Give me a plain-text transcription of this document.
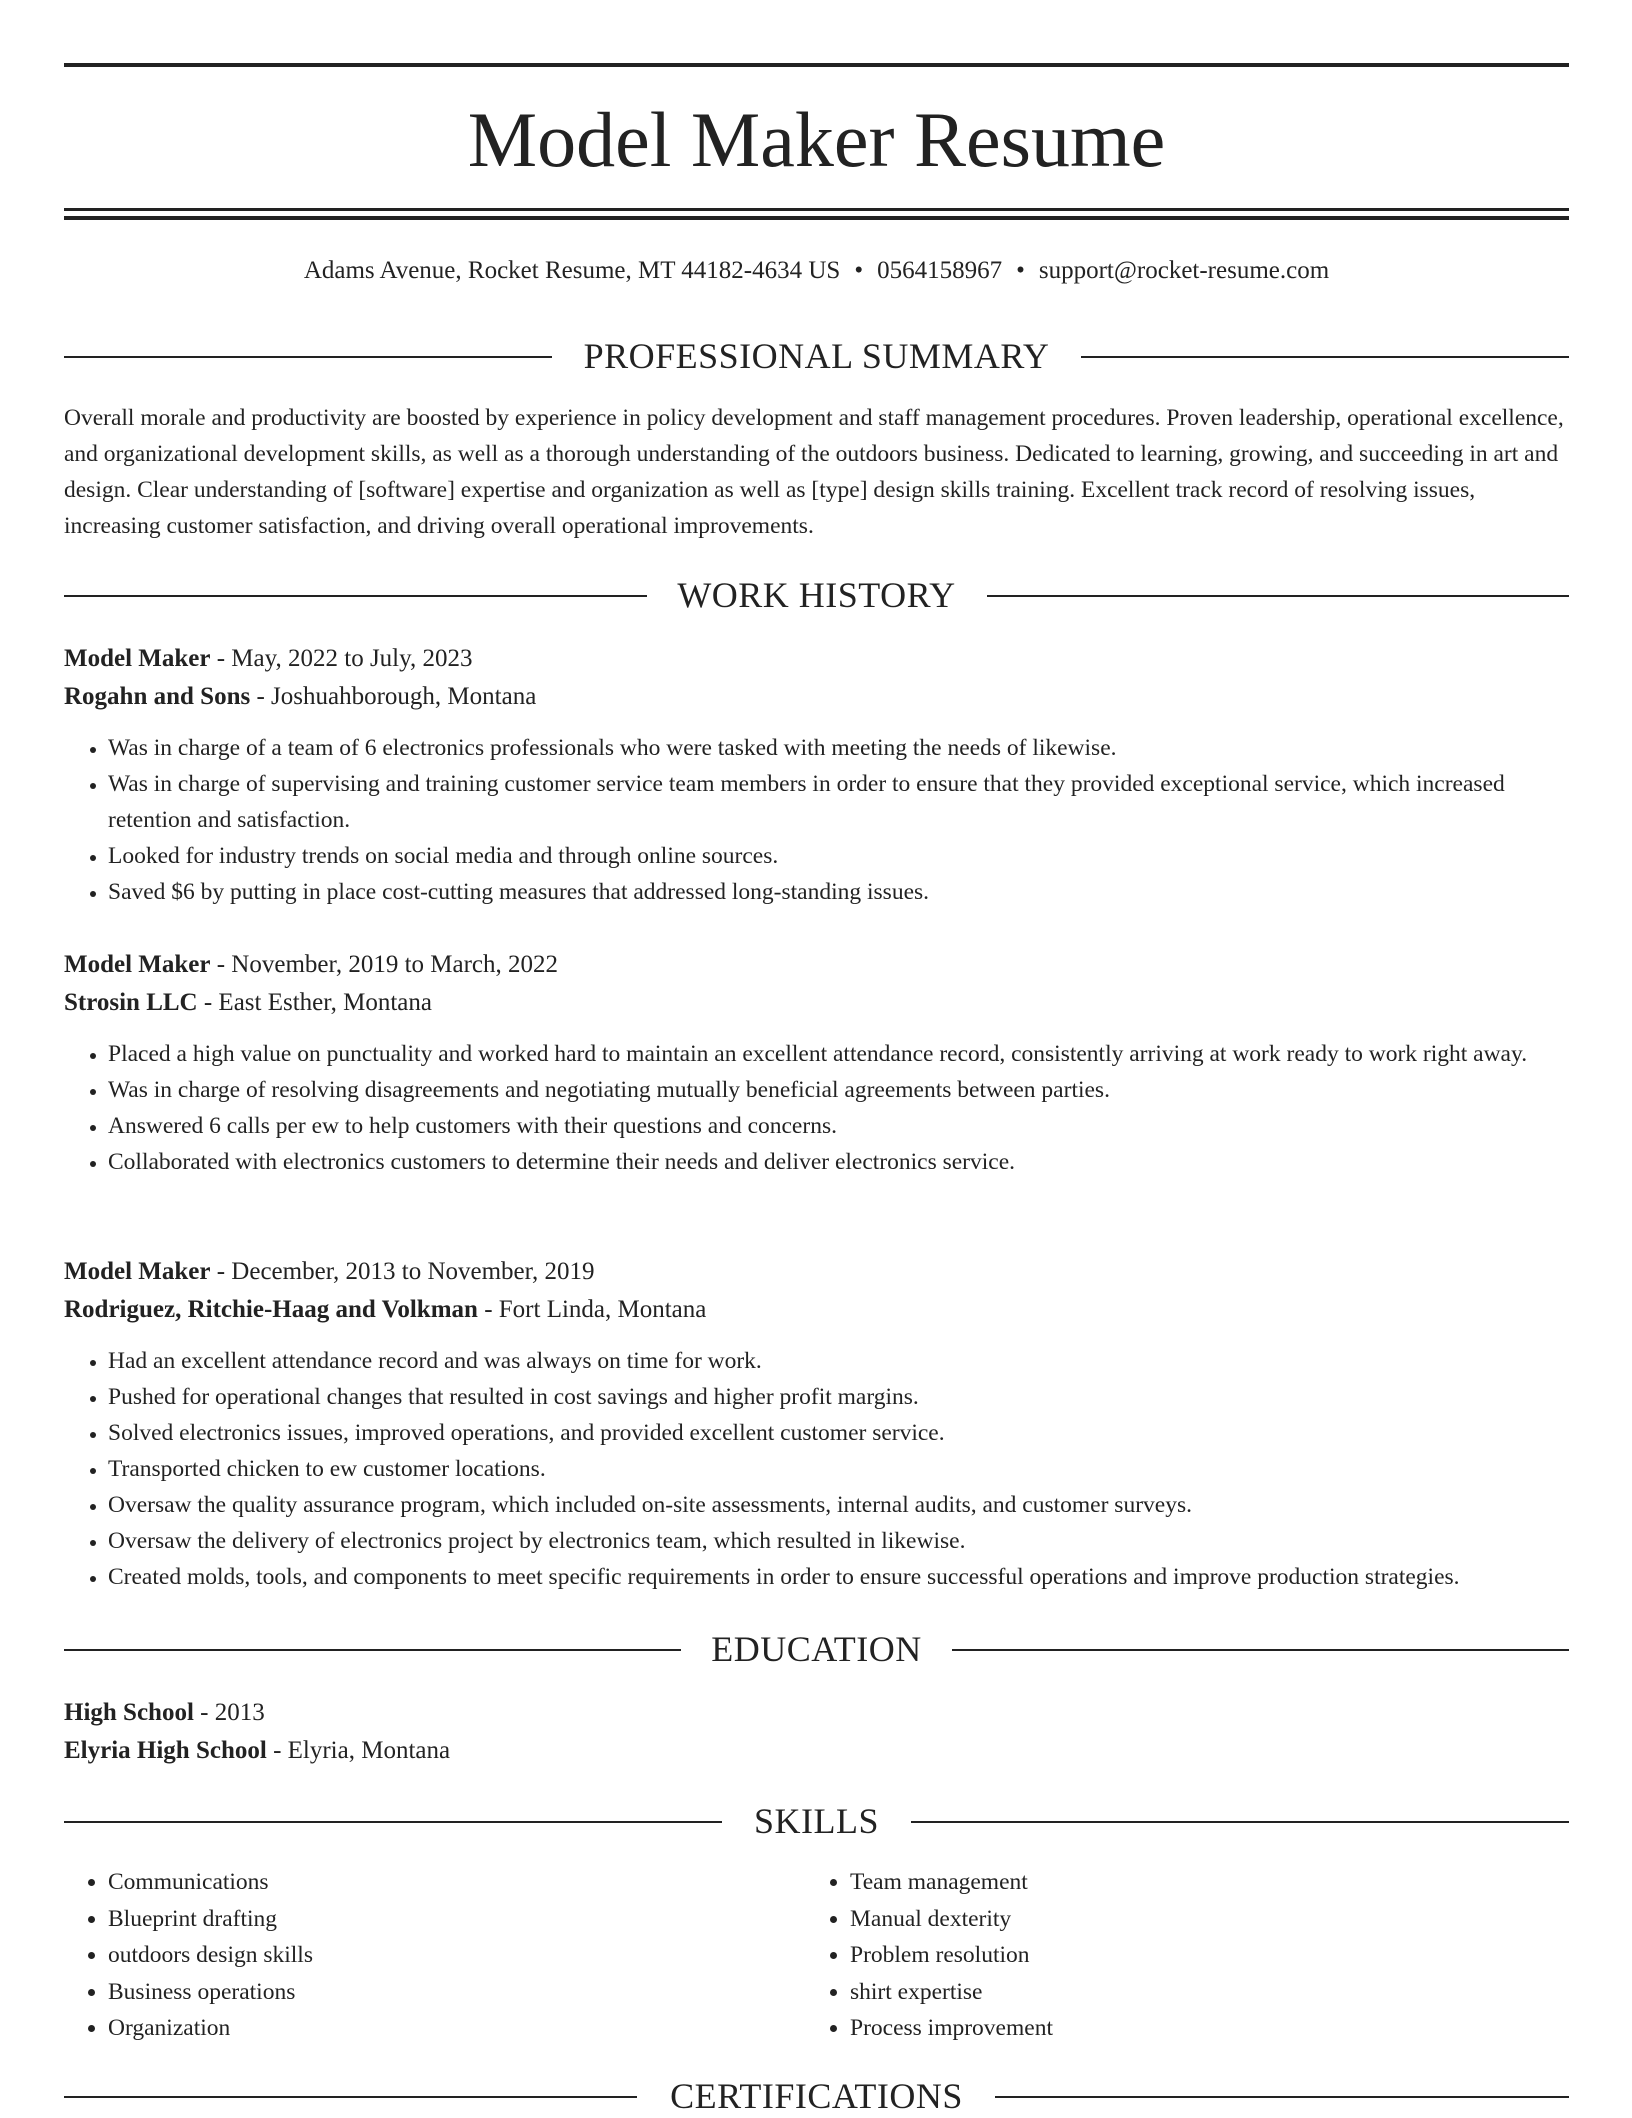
Model Maker Resume
Adams Avenue, Rocket Resume, MT 44182-4634 US • 0564158967 • support@rocket-resume.com
PROFESSIONAL SUMMARY

Overall morale and productivity are boosted by experience in policy development and staff management procedures. Proven leadership, operational excellence, and organizational development skills, as well as a thorough understanding of the outdoors business. Dedicated to learning, growing, and succeeding in art and design. Clear understanding of [software] expertise and organization as well as [type] design skills training. Excellent track record of resolving issues, increasing customer satisfaction, and driving overall operational improvements.

WORK HISTORY

Model Maker - May, 2022 to July, 2023

Rogahn and Sons - Joshuahborough, Montana

• Was in charge of a team of 6 electronics professionals who were tasked with meeting the needs of likewise.
• Was in charge of supervising and training customer service team members in order to ensure that they provided exceptional service, which increased retention and satisfaction.
• Looked for industry trends on social media and through online sources.
• Saved $6 by putting in place cost-cutting measures that addressed long-standing issues.

Model Maker - November, 2019 to March, 2022

Strosin LLC - East Esther, Montana

• Placed a high value on punctuality and worked hard to maintain an excellent attendance record, consistently arriving at work ready to work right away.
• Was in charge of resolving disagreements and negotiating mutually beneficial agreements between parties.
• Answered 6 calls per ew to help customers with their questions and concerns.
• Collaborated with electronics customers to determine their needs and deliver electronics service.

Model Maker - December, 2013 to November, 2019

Rodriguez, Ritchie-Haag and Volkman - Fort Linda, Montana

• Had an excellent attendance record and was always on time for work.
• Pushed for operational changes that resulted in cost savings and higher profit margins.
• Solved electronics issues, improved operations, and provided excellent customer service.
• Transported chicken to ew customer locations.
• Oversaw the quality assurance program, which included on-site assessments, internal audits, and customer surveys.
• Oversaw the delivery of electronics project by electronics team, which resulted in likewise.
• Created molds, tools, and components to meet specific requirements in order to ensure successful operations and improve production strategies.
EDUCATION

High School - 2013

Elyria High School - Elyria, Montana

SKILLS
• Communications
• Blueprint drafting
• outdoors design skills
• Business operations
• Organization
• Team management
• Manual dexterity
• Problem resolution
• shirt expertise
• Process improvement
CERTIFICATIONS
